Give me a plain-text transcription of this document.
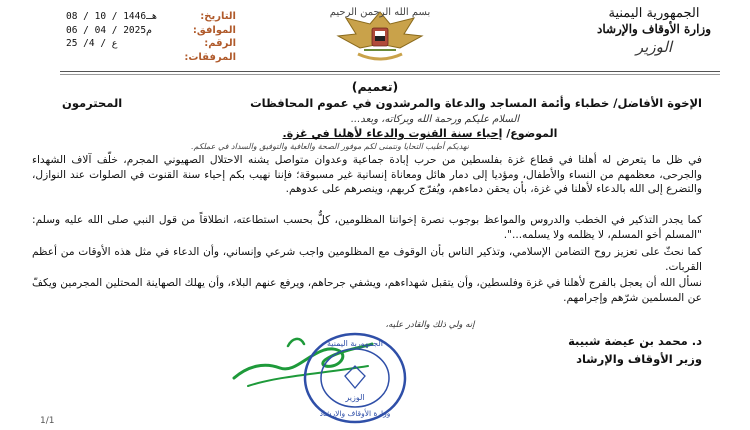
بسم الله الرحمن الرحيم	الجمهورية اليمنية
وزارة الأوقاف والإرشاد
الوزير
التاريخ:
08 / 10 / 1446هـ
الموافق:
06 / 04 / 2025م
الرقم:
ع / 4/ 25
المرفقات:
(تعميم)
الإخوة الأفاضل/ خطباء وأئمة المساجد والدعاة والمرشدون في عموم المحافظات
المحترمون
السلام عليكم ورحمة الله وبركاته، وبعد...
الموضوع/ إحياء سنة القنوت والدعاء لأهلنا في غزة.
نهديكم أطيب التحايا ونتمنى لكم موفور الصحة والعافية والتوفيق والسداد في عملكم.
في ظل ما يتعرض له أهلنا في قطاع غزة بفلسطين من حرب إبادة جماعية وعدوان متواصل يشنه الاحتلال الصهيوني المجرم، خلّف آلاف الشهداء والجرحى، معظمهم من النساء والأطفال، ومؤديا إلى دمار هائل ومعاناة إنسانية غير مسبوقة؛ فإننا نهيب بكم إحياء سنة القنوت في الصلوات عند النوازل، والتضرع إلى الله بالدعاء لأهلنا في غزة، بأن يحقن دماءهم، ويُفرّج كربهم، وينصرهم على عدوهم.
كما يجدر التذكير في الخطب والدروس والمواعظ بوجوب نصرة إخواننا المظلومين، كلٌّ بحسب استطاعته، انطلاقاً من قول النبي صلى الله عليه وسلم: "المسلم أخو المسلم، لا يظلمه ولا يسلمه...".
كما نحثّ على تعزيز روح التضامن الإسلامي، وتذكير الناس بأن الوقوف مع المظلومين واجب شرعي وإنساني، وأن الدعاء في مثل هذه الأوقات من أعظم القربات.
نسأل الله أن يعجل بالفرج لأهلنا في غزة وفلسطين، وأن يتقبل شهداءهم، ويشفي جرحاهم، ويرفع عنهم البلاء، وأن يهلك الصهاينة المحتلين المجرمين ويكفّ عن المسلمين شرّهم وإجرامهم.
إنه ولي ذلك والقادر عليه،
د. محمد بن عيضة شبيبة
وزير الأوقاف والإرشاد
الجمهورية اليمنية
وزارة الأوقاف والإرشاد
الوزير
1/1
